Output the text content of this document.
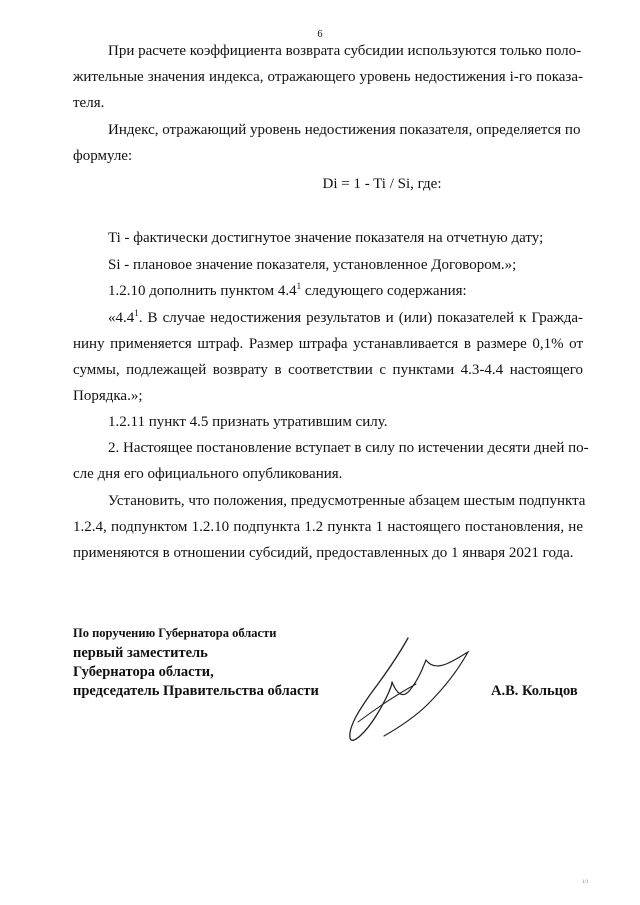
6
При расчете коэффициента возврата субсидии используются только поло-
жительные значения индекса, отражающего уровень недостижения i-го показа-
теля.
Индекс, отражающий уровень недостижения показателя, определяется по
формуле:
Di = 1 - Ti / Si, где:
Ti - фактически достигнутое значение показателя на отчетную дату;
Si - плановое значение показателя, установленное Договором.»;
1.2.10 дополнить пунктом $4.4^1$ следующего содержания:
«$4.4^1$. В случае недостижения результатов и (или) показателей к Гражда-
нину применяется штраф. Размер штрафа устанавливается в размере 0,1% от
суммы, подлежащей возврату в соответствии с пунктами 4.3-4.4 настоящего
Порядка.»;
1.2.11 пункт 4.5 признать утратившим силу.
2. Настоящее постановление вступает в силу по истечении десяти дней по-
сле дня его официального опубликования.
Установить, что положения, предусмотренные абзацем шестым подпункта
1.2.4, подпунктом 1.2.10 подпункта 1.2 пункта 1 настоящего постановления, не
применяются в отношении субсидий, предоставленных до 1 января 2021 года.
По поручению Губернатора области
первый заместитель
Губернатора области,
председатель Правительства области	А.В. Кольцов
1/1
